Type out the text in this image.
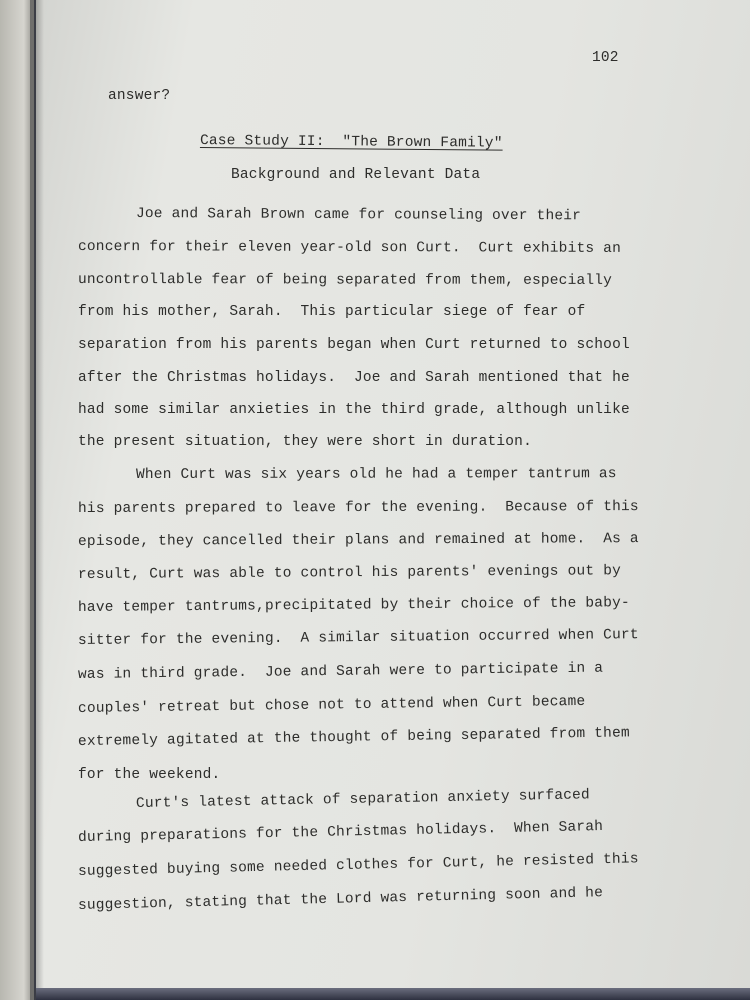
102
answer?
Case Study II:  "The Brown Family"
Background and Relevant Data
Joe and Sarah Brown came for counseling over their
concern for their eleven year-old son Curt.  Curt exhibits an
uncontrollable fear of being separated from them, especially
from his mother, Sarah.  This particular siege of fear of
separation from his parents began when Curt returned to school
after the Christmas holidays.  Joe and Sarah mentioned that he
had some similar anxieties in the third grade, although unlike
the present situation, they were short in duration.
When Curt was six years old he had a temper tantrum as
his parents prepared to leave for the evening.  Because of this
episode, they cancelled their plans and remained at home.  As a
result, Curt was able to control his parents' evenings out by
have temper tantrums,precipitated by their choice of the baby-
sitter for the evening.  A similar situation occurred when Curt
was in third grade.  Joe and Sarah were to participate in a
couples' retreat but chose not to attend when Curt became
extremely agitated at the thought of being separated from them
for the weekend.
Curt's latest attack of separation anxiety surfaced
during preparations for the Christmas holidays.  When Sarah
suggested buying some needed clothes for Curt, he resisted this
suggestion, stating that the Lord was returning soon and he
